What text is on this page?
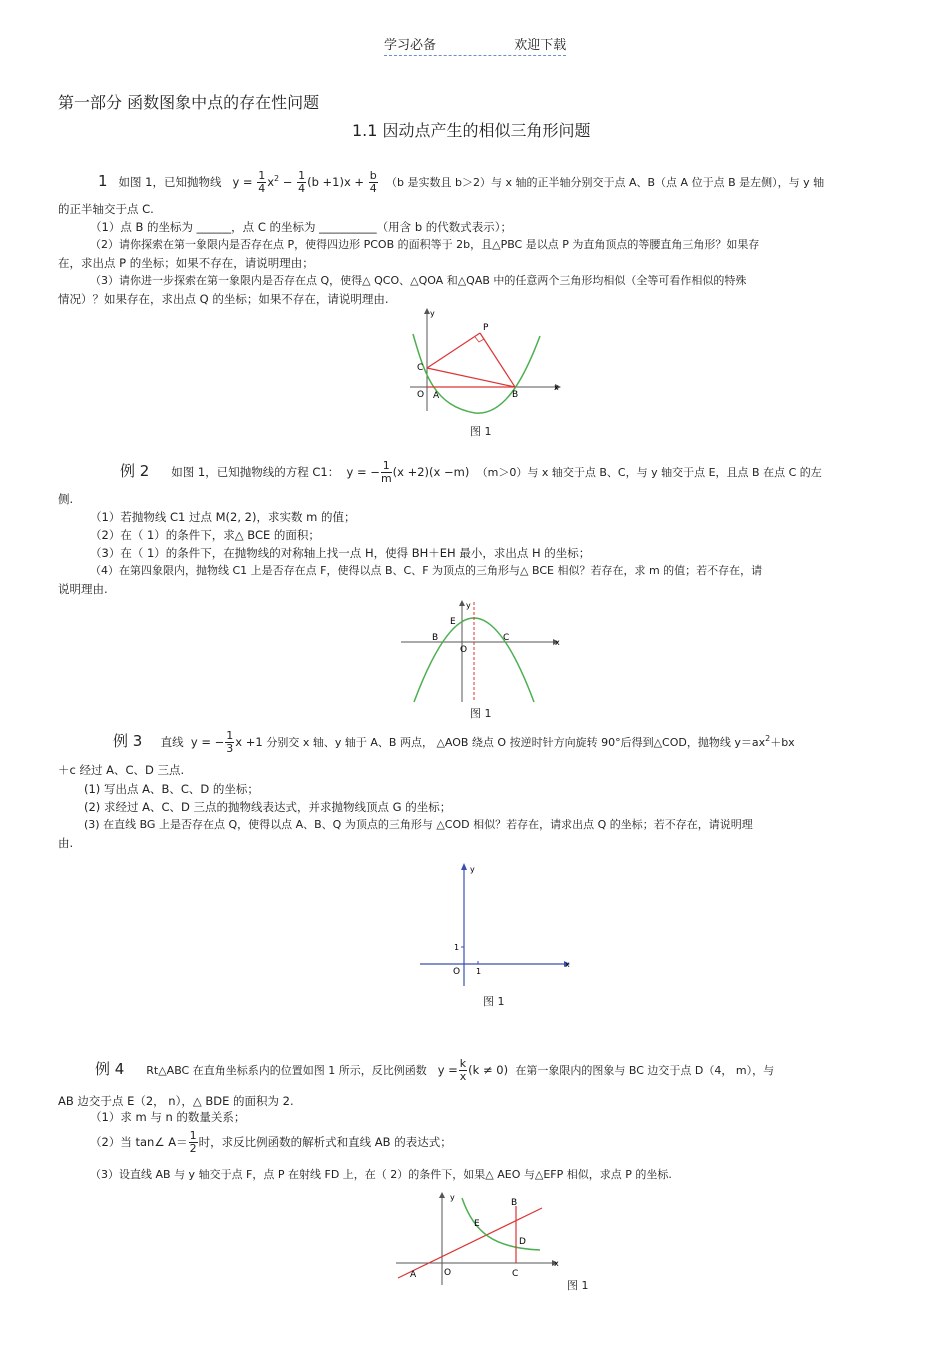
学习必备	欢迎下载
第一部分 函数图象中点的存在性问题
1.1 因动点产生的相似三角形问题
1 如图 1，已知抛物线 $y = \frac{1}{4} x^2 - \frac{1}{4} (b +1)x + \frac{b}{4} (b$ 是实数且 b＞2）与 x 轴的正半轴分别交于点 A、B（点 A 位于点 B 是左侧），与 y 轴
的正半轴交于点 C.
（1）点 B 的坐标为 ______，点 C 的坐标为 __________（用含 b 的代数式表示）；
（2）请你探索在第一象限内是否存在点 P，使得四边形 PCOB 的面积等于 2b，且△PBC 是以点 P 为直角顶点的等腰直角三角形？如果存
在，求出点 P 的坐标；如果不存在，请说明理由；
（3）请你进一步探索在第一象限内是否存在点 Q，使得△ QCO、△QOA 和△QAB 中的任意两个三角形均相似（全等可看作相似的特殊
情况）？如果存在，求出点 Q 的坐标；如果不存在，请说明理由.
x
y
O A	B
C
P
图 1
例 2 如图 1，已知抛物线的方程 C1： y = − $\frac{1}{m} (x +2)(x -m)$ （m＞0）与 x 轴交于点 B、C，与 y 轴交于点 E，且点 B 在点 C 的左
侧.
（1）若抛物线 C1 过点 M(2, 2)，求实数 m 的值；
（2）在（ 1）的条件下，求△ BCE 的面积；
（3）在（ 1）的条件下，在抛物线的对称轴上找一点 H，使得 BH＋EH 最小，求出点 H 的坐标；
（4）在第四象限内，抛物线 C1 上是否存在点 F，使得以点 B、C、F 为顶点的三角形与△ BCE 相似？若存在，求 m 的值；若不存在，请
说明理由.
x
y
O
B	C
E
图 1
例 3 直线 y = − $\frac{1}{3}$ x +1 分别交 x 轴、y 轴于 A、B 两点， △AOB 绕点 O 按逆时针方向旋转 90°后得到△COD，抛物线 $y=ax^2+bx$
＋c 经过 A、C、D 三点.
(1) 写出点 A、B、C、D 的坐标；
(2) 求经过 A、C、D 三点的抛物线表达式，并求抛物线顶点 G 的坐标；
(3) 在直线 BG 上是否存在点 Q，使得以点 A、B、Q 为顶点的三角形与 △COD 相似？若存在，请求出点 Q 的坐标；若不存在，请说明理
由.
x
y
O 1
1
图 1
例 4 Rt△ABC 在直角坐标系内的位置如图 1 所示，反比例函数 $y = \frac{k}{x} (k \ne 0)$ 在第一象限内的图象与 BC 边交于点 D（4， m），与
AB 边交于点 E（2， n），△ BDE 的面积为 2.
（1）求 m 与 n 的数量关系；
（2）当 tan∠ $A= \frac{1}{2}$ 时，求反比例函数的解析式和直线 AB 的表达式；
（3）设直线 AB 与 y 轴交于点 F，点 P 在射线 FD 上，在（ 2）的条件下，如果△ AEO 与△EFP 相似，求点 P 的坐标.
x
y
O
A
B
C
D
E
图 1
